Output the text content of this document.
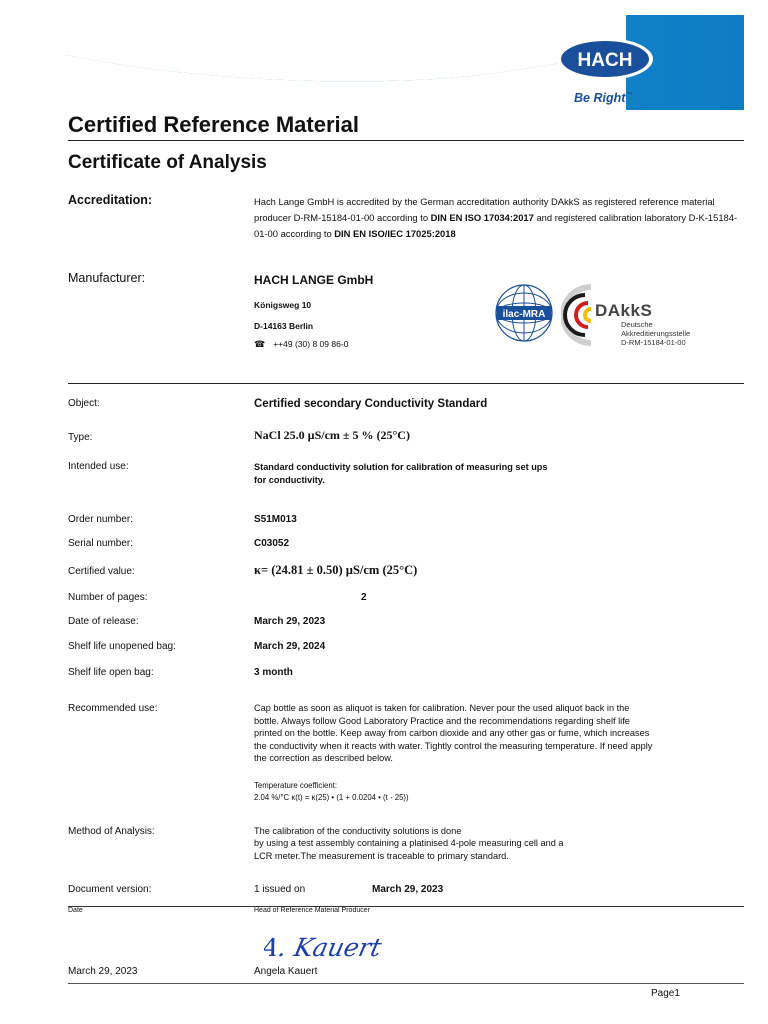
HACH
Be Right™
Certified Reference Material
Certificate of Analysis
Accreditation:	Hach Lange GmbH is accredited by the German accreditation authority DAkkS as registered reference material producer D-RM-15184-01-00 according to DIN EN ISO 17034:2017 and registered calibration laboratory D-K-15184-01-00 according to DIN EN ISO/IEC 17025:2018
Manufacturer:	HACH LANGE GmbH
Königsweg 10
D-14163 Berlin
☎ ++49 (30) 8 09 86-0
ilac-MRA	DAkkS
Deutsche
Akkreditierungsstelle
D-RM-15184-01-00
Object:	Certified secondary Conductivity Standard
Type:	NaCl 25.0 µS/cm ± 5 % (25°C)
Intended use:	Standard conductivity solution for calibration of measuring set ups
for conductivity.
Order number:	S51M013
Serial number:	C03052
Certified value:	κ= (24.81 ± 0.50) µS/cm (25°C)
Number of pages:	2
Date of release:	March 29, 2023
Shelf life unopened bag:	March 29, 2024
Shelf life open bag:	3 month
Recommended use:	Cap bottle as soon as aliquot is taken for calibration. Never pour the used aliquot back in the bottle. Always follow Good Laboratory Practice and the recommendations regarding shelf life printed on the bottle. Keep away from carbon dioxide and any other gas or fume, which increases the conductivity when it reacts with water. Tightly control the measuring temperature. If need apply the correction as described below.
Temperature coefficient:
2.04 %/°C κ(t) = κ(25) • (1 + 0.0204 • (t - 25))
Method of Analysis:	The calibration of the conductivity solutions is done
by using a test assembly containing a platinised 4-pole measuring cell and a
LCR meter.The measurement is traceable to primary standard.
Document version:	1 issued on	March 29, 2023
Date	Head of Reference Material Producer
A. Kauert
March 29, 2023	Angela Kauert
Page1
